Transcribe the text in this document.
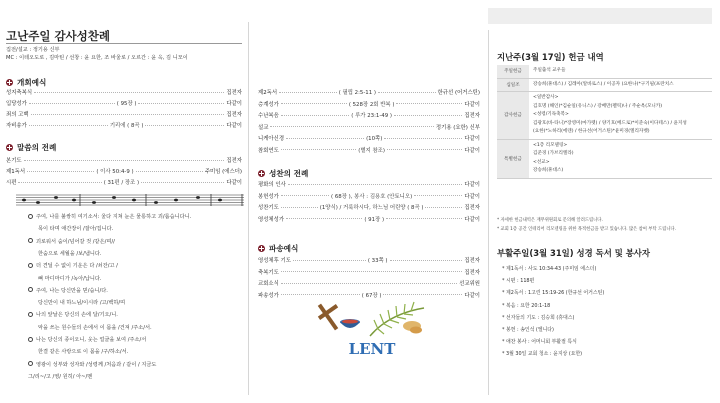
고난주일 감사성찬례
집전/설교 : 정기용 신부
MC : 이테오도로 , 김마틴 / 선창 : 윤 요한, 조 바울로 / 오르간 : 윤 옥, 김 니모이
개회예식
성지축복식	집전자
입당성가	( 95장 )	다같이
죄의 고백	집전자
자비송가	기리에 ( 8곡 )	다같이
말씀의 전례
본기도	집전자
제1독서	( 이사 50:4-9 )	주미임 (에스더)
시편	( 31편 / 장조 )	다같이
주여, 나를 불쌍히 여기소서: 울다 지쳐 눈은 물롱하고 괴/롭습니다니.
목이 타며 애간장이 /잘아/집니다.
괴로워서 숨이/넘어갈 것 /같은/며//
한숨으로 세월을 /보/냅니다.
더 견딜 수 없이 기운은 다 /쇠잔/고 /
뼈 마디마디가 /녹아/납니다.
주여, 나는 당신만을 믿/습니/다.
당신만이 내 하느님/이시라 /고/백하/며
나의 앞날은 당신의 손에 달/기오/니.
악을 쓰는 원수들의 손에서 이 몸을 /건져 /주소/서.
나는 당신의 종이오니, 웃는 얼굴을 보여 /주소/서
한결 같은 사랑으로 이 몸을 /구/하소/서.
영광이 성부와 성자와 /성령께 /처음과 / 같이 / 지금도
그/리~/고 /영/ 원히/ 아~/멘
제2독서	( 필립 2:5-11 )	한규선 (어거스틴)
층계성가	( 528장 2회 반복 )	다같이
수난복음	( 루가 23:1-49 )	집전자
설교	정기용 (요한) 신부
니케아신경	(10쪽)	다같이
참회연도	(별지 참조)	다같이
성찬의 전례
평화의 인사	다같이
봉헌성가	( 68장 ), 봉사 : 김용호 (안토니오)	다같이
성찬기도	(1양식) / 거룩하시다, 하느님 어린양 ( 8곡 )	집전자
영성체성가	( 91장 )	다같이
파송예식
영성체후 기도	( 33쪽 )	집전자
축복기도	집전자
교회소식	선교위원
파송성가	( 67장 )	다같이
LENT
지난주(3월 17일) 헌금 내역
주일헌금	주일출석 교우들

십일조	강승희(휴대스) / 김레아(알바로스) / 이공자 (요한나)*구기필(프란치스

감사헌금	<일반감사>
김호명 (해인)*김순일(유니스) / 강배만(펠릭)나 / 주순옥(모니카)
<성령/기독축복>
김광호(바-타니)*장영미(마가렛) / 양기호(베드로)*이준숙(이다테스) / 윤지성
(요한)*노하리(에덴) / 한규선(어거스틴)*윤미경(엘리자벳)

특별헌금	<1층 리모델링>
김준경 (가브리엘라)
<선교>
강승희(휴대스)
* 자세한 헌금내역은 재무위원회로 문의해 알려드립니다.
* 교회 1층 공간 인테리어 리모델링을 위한 목적헌금을 받고 있습니다. 많은 참여 부탁 드립니다.
부활주일(3월 31일) 성경 독서 및 봉사자
* 제1독서 : 사도 10:34-43 (주미임 에스더)
* 시편 : 118편
* 제2독서 : 1고린 15:19-26 (한규선 어거스틴)
* 복음 : 요한 20:1-18
* 선자들의 기도 : 김승희 (휴대스)
* 봉헌 : 송인석 (엘니다)
* 애찬 봉사 : 어머니회 부활절 특식
* 3월 30일 교회 청소 : 윤지상 (요한)
